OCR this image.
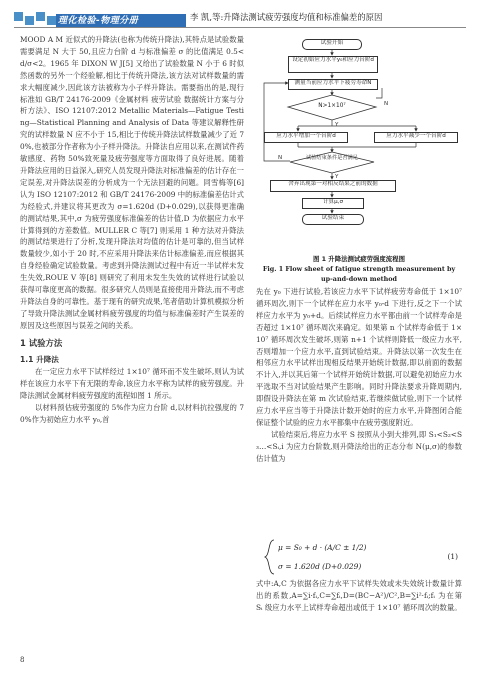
理化检验-物理分册	李 凯,等:升降法测试疲劳强度均值和标准偏差的原因

MOOD A M 近似式的升降法(也称为传统升降法),其特点是试验数量需要满足 N 大于 50,且应力台阶 d 与标准偏差 σ 的比值满足 0.5<d/σ<2。1965 年 DIXON W J[5] 又给出了试验数量 N 小于 6 时似然函数的另外一个经验解,相比于传统升降法,该方法对试样数量的需求大幅度减少,因此该方法被称为小子样升降法。需要指出的是,现行标准如 GB/T 24176-2009《金属材料 疲劳试验 数据统计方案与分析方法》、ISO 12107:2012 Metallic Materials—Fatigue Testing—Statistical Planning and Analysis of Data 等建议解释性研究的试样数量 N 应不小于 15,相比于传统升降法试样数量减少了近 70%,也被部分作者称为小子样升降法。升降法自应用以来,在测试件药敏感度、药物 50%致死量及疲劳强度等方面取得了良好进展。随着升降法应用的日益深入,研究人员发现升降法对标准偏差的估计存在一定误差,对升降法误差的分析成为一个无法回避的问题。同雪梅等[6] 认为 ISO 12107:2012 和 GB/T 24176-2009 中的标准偏差估计式为经验式,并建议将其更改为 σ=1.620d (D+0.029),以获得更准确的测试结果,其中,σ 为疲劳强度标准偏差的估计值,D 为依据应力水平计算得到的方差数值。MULLER C 等[7] 则采用 1 种方法对升降法的测试结果进行了分析,发现升降法对均值的估计是可靠的,但当试样数量较少,如小于 20 时,不应采用升降法来估计标准偏差,而应根据其自身经验确定试验数量。考虑到升降法测试过程中有近一半试样未发生失效,ROUE V 等[8] 则研究了利用未发生失效的试样进行试验以获得可靠度更高的数据。很多研究人员则是直接使用升降法,而不考虑升降法自身的可靠性。基于现有的研究成果,笔者借助计算机模拟分析了导致升降法测试金属材料疲劳强度的均值与标准偏差时产生误差的原因及这些原因与误差之间的关系。

1 试验方法
1.1 升降法

在一定应力水平下试样经过 1×10⁷ 循环而不发生破坏,则认为试样在该应力水平下有无限的寿命,该应力水平称为试样的疲劳强度。升降法测试金属材料疲劳强度的流程如图 1 所示。

以材料预估疲劳强度的 5%作为应力台阶 d,以材料抗拉强度的 70%作为初始应力水平 y₀,首

试验开始
设定初始应力水平y₀和应力台阶d
测量当前应力水平下疲劳寿命N
N>1×10⁷
Y
N
应力水平增加一个台阶d	应力水平减少一个台阶d
试验结束条件是否满足
N
Y
舍弃出现第一对相反结果之前的数据
计算μ,σ
试验结束
图 1 升降法测试疲劳强度流程图
Fig. 1 Flow sheet of fatigue strength measurement by
up-and-down method

先在 y₀ 下进行试验,若该应力水平下试样疲劳寿命低于 1×10⁷ 循环周次,则下一个试样在应力水平 y₀-d 下进行,反之下一个试样应力水平为 y₀+d。后续试样应力水平都由前一个试样寿命是否超过 1×10⁷ 循环周次来确定。如果第 n 个试样寿命低于 1×10⁷ 循环周次发生破坏,则第 n+1 个试样则降低一级应力水平,否则增加一个应力水平,直到试验结束。升降法以第一次发生在相邻应力水平试样出现相反结果开始统计数据,即以前面的数据不计入,并以其后第一个试样开始统计数据,可以避免初始应力水平选取不当对试验结果产生影响。同时升降法要求升降周期内,即假设升降法在第 m 次试验结束,若继续做试验,则下一个试样应力水平应当等于升降法计数开始时的应力水平,升降图闭合能保证整个试验的应力水平都集中在疲劳强度附近。

试验结束后,将应力水平 S 按照从小到大排列,即 S₁<S₂<S₃…<Sᵢ,i 为应力台阶数,则升降法给出的正态分布 N(μ,σ)的参数估计值为

μ = S₀ + d · (A/C ± 1/2)
σ = 1.620d (D+0.029)
(1)

式中:A,C 为依据各应力水平下试样失效或未失效统计数量计算出的系数,A=∑i·fᵢ,C=∑fᵢ,D=(BC−A²)/C²,B=∑i²·fᵢ;fᵢ 为在第 Sᵢ 级应力水平上试样寿命超出或低于 1×10⁷ 循环周次的数量。

8
